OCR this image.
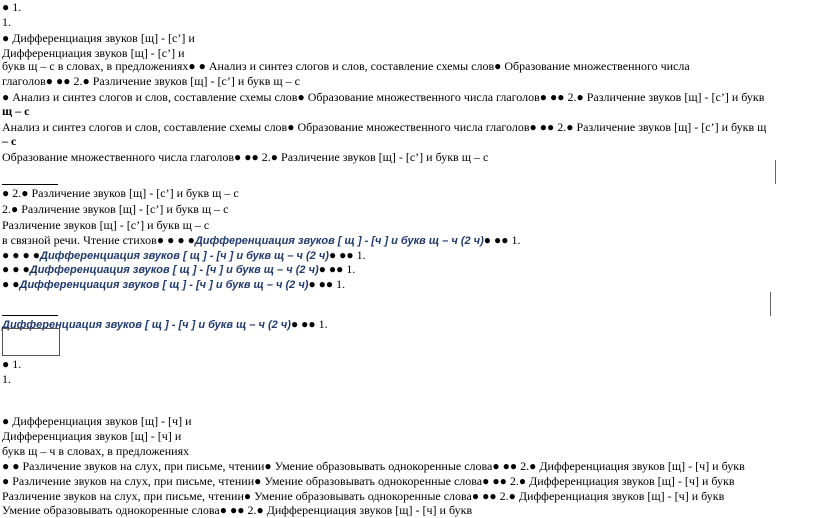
● 1.
1.
● Дифференциация звуков [щ] - [с’] и
Дифференциация звуков [щ] - [с’] и
букв щ – с в словах, в предложениях● ● Анализ и синтез слогов и слов, составление схемы слов● Образование множественного числа
глаголов● ●● 2.● Различение звуков [щ] - [с’] и букв щ – с
● Анализ и синтез слогов и слов, составление схемы слов● Образование множественного числа глаголов● ●● 2.● Различение звуков [щ] - [с’] и букв
щ – с
Анализ и синтез слогов и слов, составление схемы слов● Образование множественного числа глаголов● ●● 2.● Различение звуков [щ] - [с’] и букв щ
– с
Образование множественного числа глаголов● ●● 2.● Различение звуков [щ] - [с’] и букв щ – с
● 2.● Различение звуков [щ] - [с’] и букв щ – с
2.● Различение звуков [щ] - [с’] и букв щ – с
Различение звуков [щ] - [с’] и букв щ – с
в связной речи. Чтение стихов● ● ● ●Дифференциация звуков [ щ ] - [ч ] и букв щ – ч (2 ч)● ●● 1.
● ● ● ●Дифференциация звуков [ щ ] - [ч ] и букв щ – ч (2 ч)● ●● 1.
● ● ●Дифференциация звуков [ щ ] - [ч ] и букв щ – ч (2 ч)● ●● 1.
● ●Дифференциация звуков [ щ ] - [ч ] и букв щ – ч (2 ч)● ●● 1.
Дифференциация звуков [ щ ] - [ч ] и букв щ – ч (2 ч)● ●● 1.
● 1.
1.
● Дифференциация звуков [щ] - [ч] и
Дифференциация звуков [щ] - [ч] и
букв щ – ч в словах, в предложениях
● ● Различение звуков на слух, при письме, чтении● Умение образовывать однокоренные слова● ●● 2.● Дифференциация звуков [щ] - [ч] и букв
● Различение звуков на слух, при письме, чтении● Умение образовывать однокоренные слова● ●● 2.● Дифференциация звуков [щ] - [ч] и букв
Различение звуков на слух, при письме, чтении● Умение образовывать однокоренные слова● ●● 2.● Дифференциация звуков [щ] - [ч] и букв
Умение образовывать однокоренные слова● ●● 2.● Дифференциация звуков [щ] - [ч] и букв
